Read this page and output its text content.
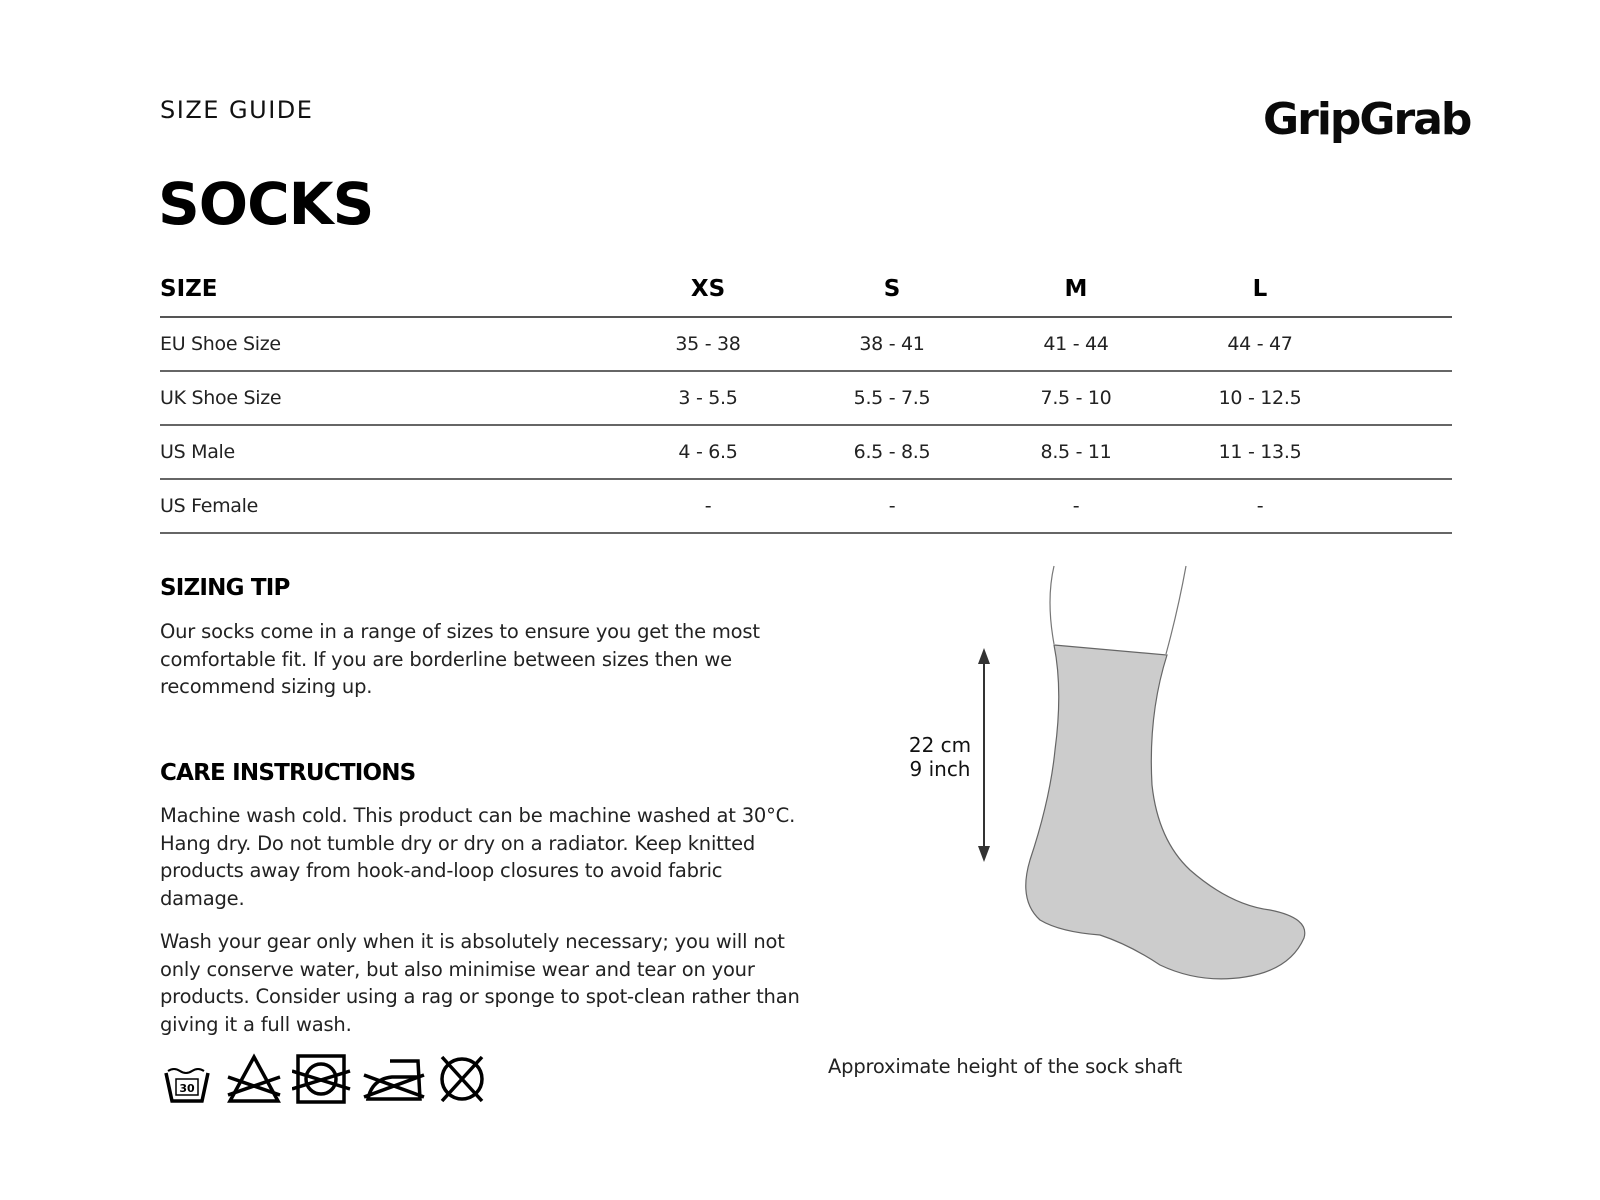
SIZE GUIDE	GripGrab
SOCKS
SIZE	XS	S	M	L	
EU Shoe Size	35 - 38	38 - 41	41 - 44	44 - 47	
UK Shoe Size	3 - 5.5	5.5 - 7.5	7.5 - 10	10 - 12.5	
US Male	4 - 6.5	6.5 - 8.5	8.5 - 11	11 - 13.5	
US Female	-	-	-	-	
SIZING TIP
Our socks come in a range of sizes to ensure you get the most comfortable fit. If you are borderline between sizes then we recommend sizing up.
CARE INSTRUCTIONS
Machine wash cold. This product can be machine washed at 30°C. Hang dry. Do not tumble dry or dry on a radiator. Keep knitted products away from hook-and-loop closures to avoid fabric damage.
Wash your gear only when it is absolutely necessary; you will not only conserve water, but also minimise wear and tear on your products. Consider using a rag or sponge to spot-clean rather than giving it a full wash.
30
22 cm
9 inch
Approximate height of the sock shaft
